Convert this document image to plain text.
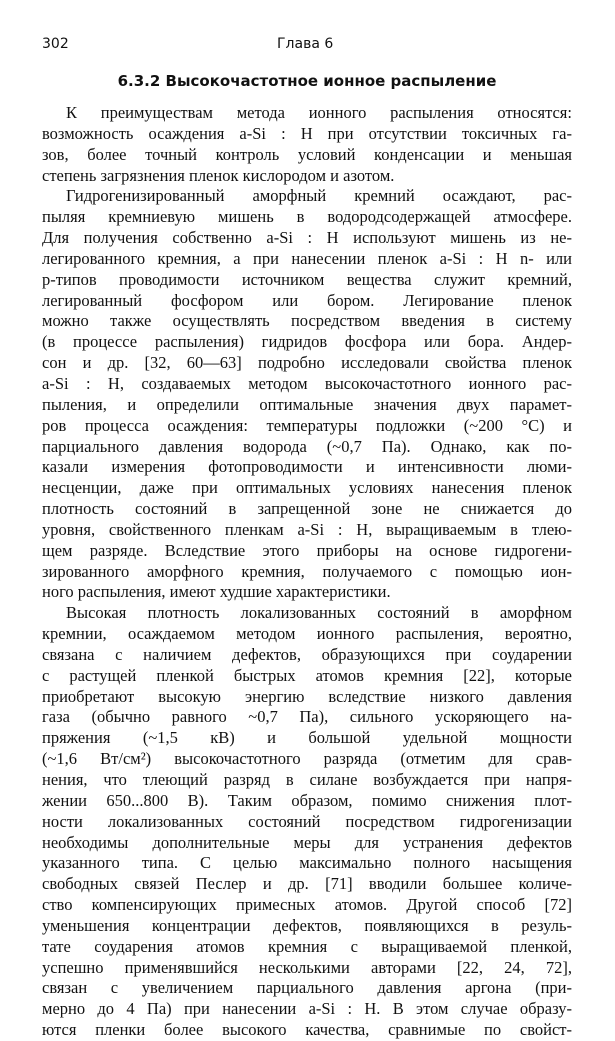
302	Глава 6
6.3.2 Высокочастотное ионное распыление
К преимуществам метода ионного распыления относятся:
возможность осаждения a-Si : H при отсутствии токсичных га-
зов, более точный контроль условий конденсации и меньшая
степень загрязнения пленок кислородом и азотом.
Гидрогенизированный аморфный кремний осаждают, рас-
пыляя кремниевую мишень в водородсодержащей атмосфере.
Для получения собственно a-Si : H используют мишень из не-
легированного кремния, а при нанесении пленок a-Si : H n- или
p-типов проводимости источником вещества служит кремний,
легированный фосфором или бором. Легирование пленок
можно также осуществлять посредством введения в систему
(в процессе распыления) гидридов фосфора или бора. Андер-
сон и др. [32, 60—63] подробно исследовали свойства пленок
a-Si : H, создаваемых методом высокочастотного ионного рас-
пыления, и определили оптимальные значения двух парамет-
ров процесса осаждения: температуры подложки (~200 °C) и
парциального давления водорода (~0,7 Па). Однако, как по-
казали измерения фотопроводимости и интенсивности люми-
несценции, даже при оптимальных условиях нанесения пленок
плотность состояний в запрещенной зоне не снижается до
уровня, свойственного пленкам a-Si : H, выращиваемым в тлею-
щем разряде. Вследствие этого приборы на основе гидрогени-
зированного аморфного кремния, получаемого с помощью ион-
ного распыления, имеют худшие характеристики.
Высокая плотность локализованных состояний в аморфном
кремнии, осаждаемом методом ионного распыления, вероятно,
связана с наличием дефектов, образующихся при соударении
с растущей пленкой быстрых атомов кремния [22], которые
приобретают высокую энергию вследствие низкого давления
газа (обычно равного ~0,7 Па), сильного ускоряющего на-
пряжения (~1,5 кВ) и большой удельной мощности
(~1,6 Вт/см²) высокочастотного разряда (отметим для срав-
нения, что тлеющий разряд в силане возбуждается при напря-
жении 650...800 В). Таким образом, помимо снижения плот-
ности локализованных состояний посредством гидрогенизации
необходимы дополнительные меры для устранения дефектов
указанного типа. С целью максимально полного насыщения
свободных связей Песлер и др. [71] вводили большее количе-
ство компенсирующих примесных атомов. Другой способ [72]
уменьшения концентрации дефектов, появляющихся в резуль-
тате соударения атомов кремния с выращиваемой пленкой,
успешно применявшийся несколькими авторами [22, 24, 72],
связан с увеличением парциального давления аргона (при-
мерно до 4 Па) при нанесении a-Si : H. В этом случае образу-
ются пленки более высокого качества, сравнимые по свойст-
